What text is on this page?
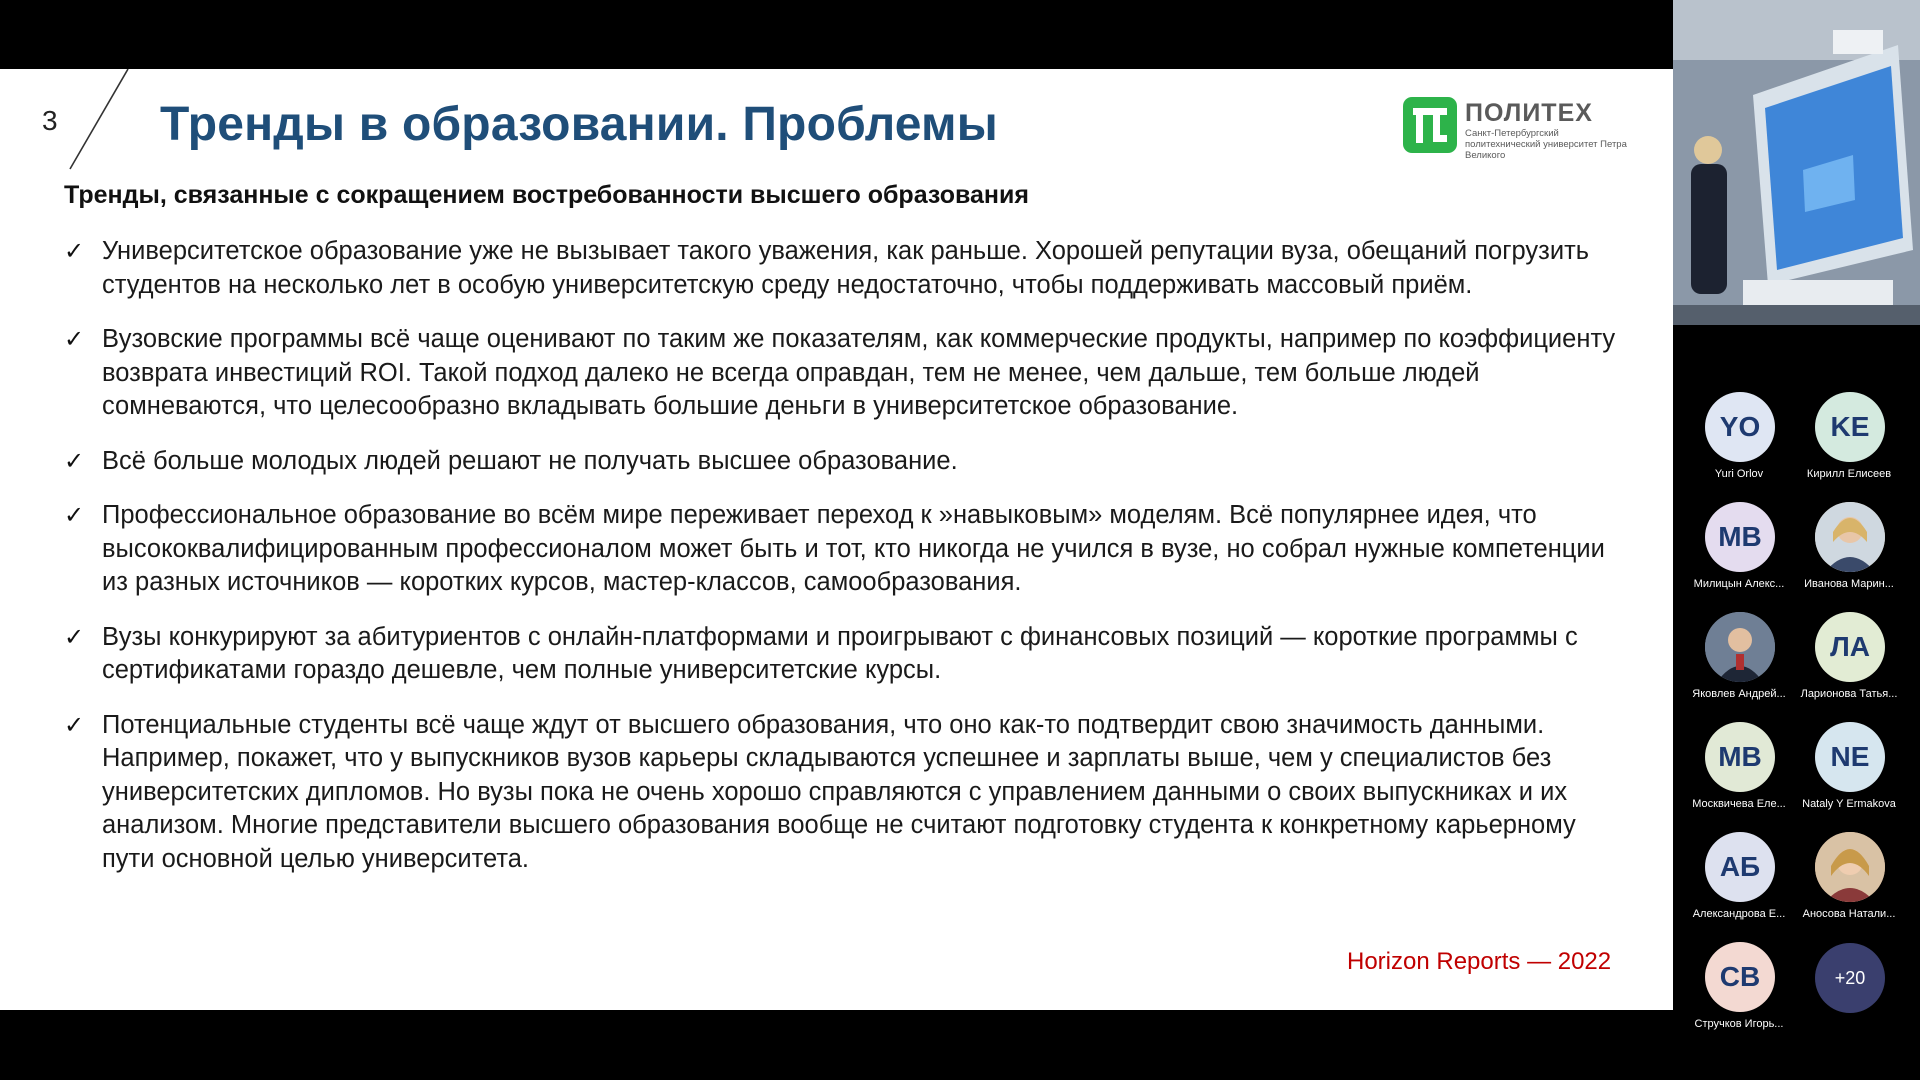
3 Тренды в образовании. Проблемы	ПОЛИТЕХ
Санкт-Петербургский политехнический университет Петра Великого
Тренды, связанные с сокращением востребованности высшего образования
✓ Университетское образование уже не вызывает такого уважения, как раньше. Хорошей репутации вуза, обещаний погрузить студентов на несколько лет в особую университетскую среду недостаточно, чтобы поддерживать массовый приём.
✓ Вузовские программы всё чаще оценивают по таким же показателям, как коммерческие продукты, например по коэффициенту возврата инвестиций ROI. Такой подход далеко не всегда оправдан, тем не менее, чем дальше, тем больше людей сомневаются, что целесообразно вкладывать большие деньги в университетское образование.
✓ Всё больше молодых людей решают не получать высшее образование.
✓ Профессиональное образование во всём мире переживает переход к »навыковым» моделям. Всё популярнее идея, что высококвалифицированным профессионалом может быть и тот, кто никогда не учился в вузе, но собрал нужные компетенции из разных источников — коротких курсов, мастер-классов, самообразования.
✓ Вузы конкурируют за абитуриентов с онлайн-платформами и проигрывают с финансовых позиций — короткие программы с сертификатами гораздо дешевле, чем полные университетские курсы.
✓ Потенциальные студенты всё чаще ждут от высшего образования, что оно как-то подтвердит свою значимость данными. Например, покажет, что у выпускников вузов карьеры складываются успешнее и зарплаты выше, чем у специалистов без университетских дипломов. Но вузы пока не очень хорошо справляются с управлением данными о своих выпускниках и их анализом. Многие представители высшего образования вообще не считают подготовку студента к конкретному карьерному пути основной целью университета.
Horizon Reports — 2022
YO
Yuri Orlov
KE
Кирилл Елисеев
MB
Милицын Алекс...	Иванова Марин...
Яковлев Андрей...
ЛА
Ларионова Татья...
MB
Москвичева Еле...
NE
Nataly Y Ermakova
АБ
Александрова Е...	Аносова Натали...
CB
Стручков Игорь...
+20
